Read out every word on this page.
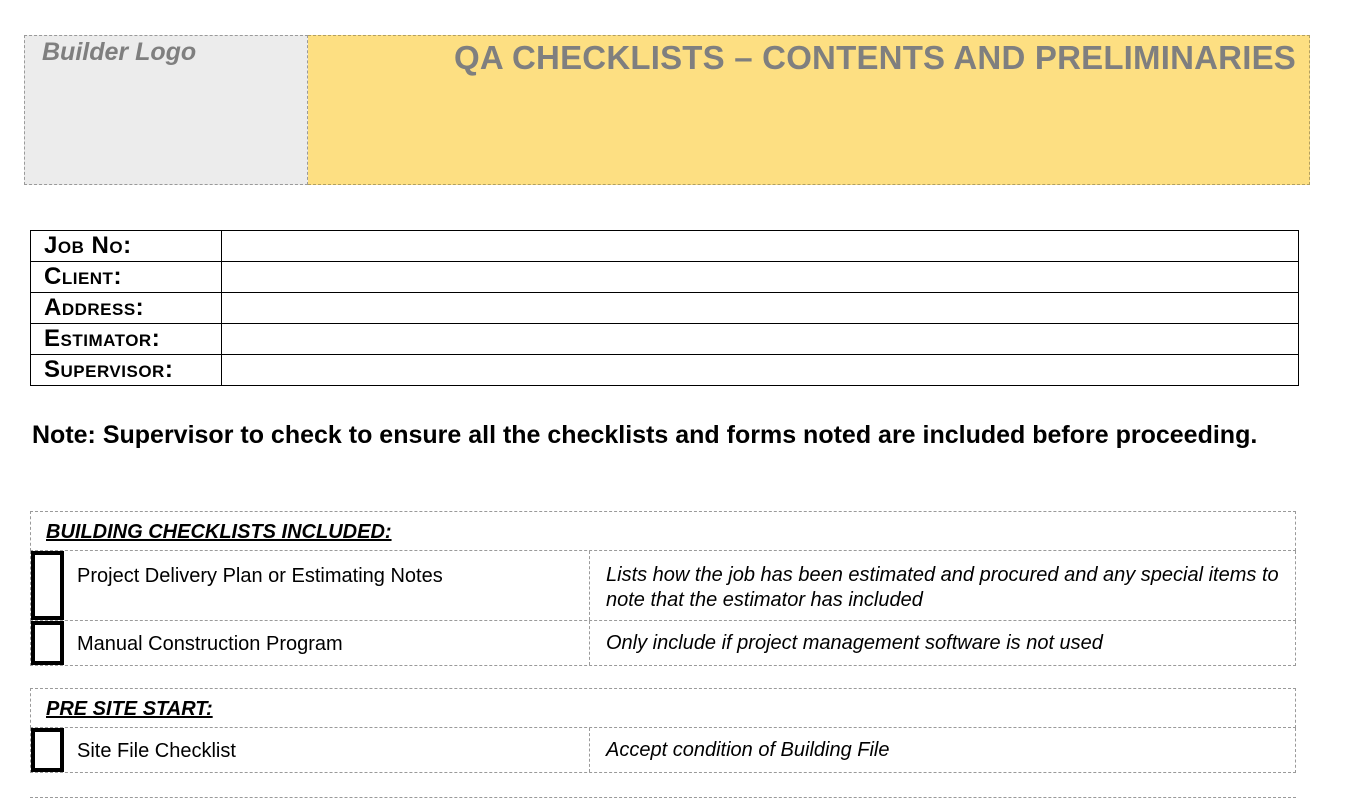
Builder Logo	QA CHECKLISTS – CONTENTS AND PRELIMINARIES
Job No:	
Client:	
Address:	
Estimator:	
Supervisor:	
Note: Supervisor to check to ensure all the checklists and forms noted are included before proceeding.
BUILDING CHECKLISTS INCLUDED:
Project Delivery Plan or Estimating Notes	Lists how the job has been estimated and procured and any special items to note that the estimator has included
Manual Construction Program	Only include if project management software is not used
PRE SITE START:
Site File Checklist	Accept condition of Building File
